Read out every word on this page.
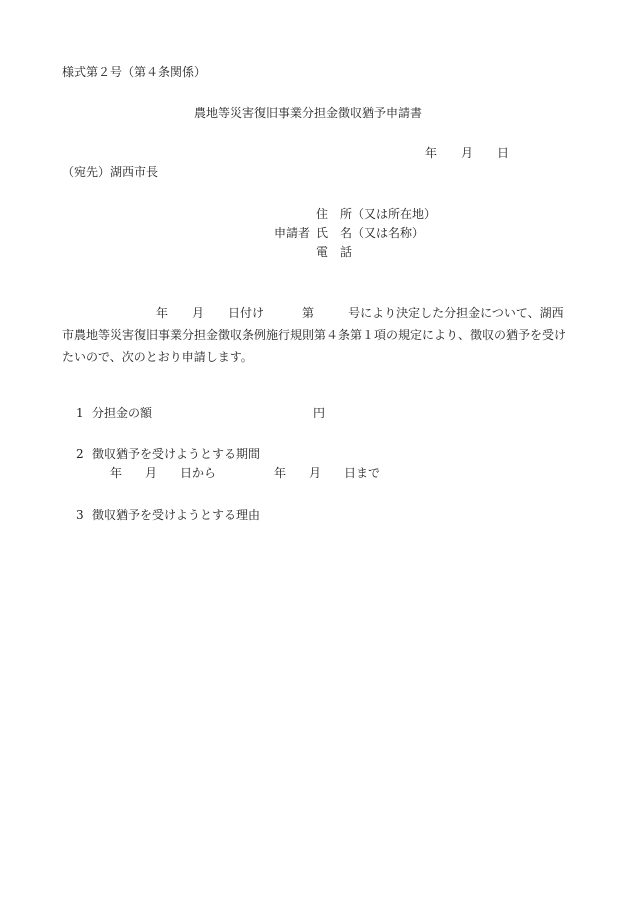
様式第２号（第４条関係）
農地等災害復旧事業分担金徴収猶予申請書
年 月 日
（宛先）湖西市長
住　所（又は所在地）
申請者 氏　名（又は名称）
電　話
年 月 日付け	第	号により決定した分担金について、湖西市農地等災害復旧事業分担金徴収条例施行規則第４条第１項の規定により、徴収の猶予を受けたいので、次のとおり申請します。
1 分担金の額	円
2 徴収猶予を受けようとする期間
年 月 日から	年 月 日まで
3 徴収猶予を受けようとする理由
